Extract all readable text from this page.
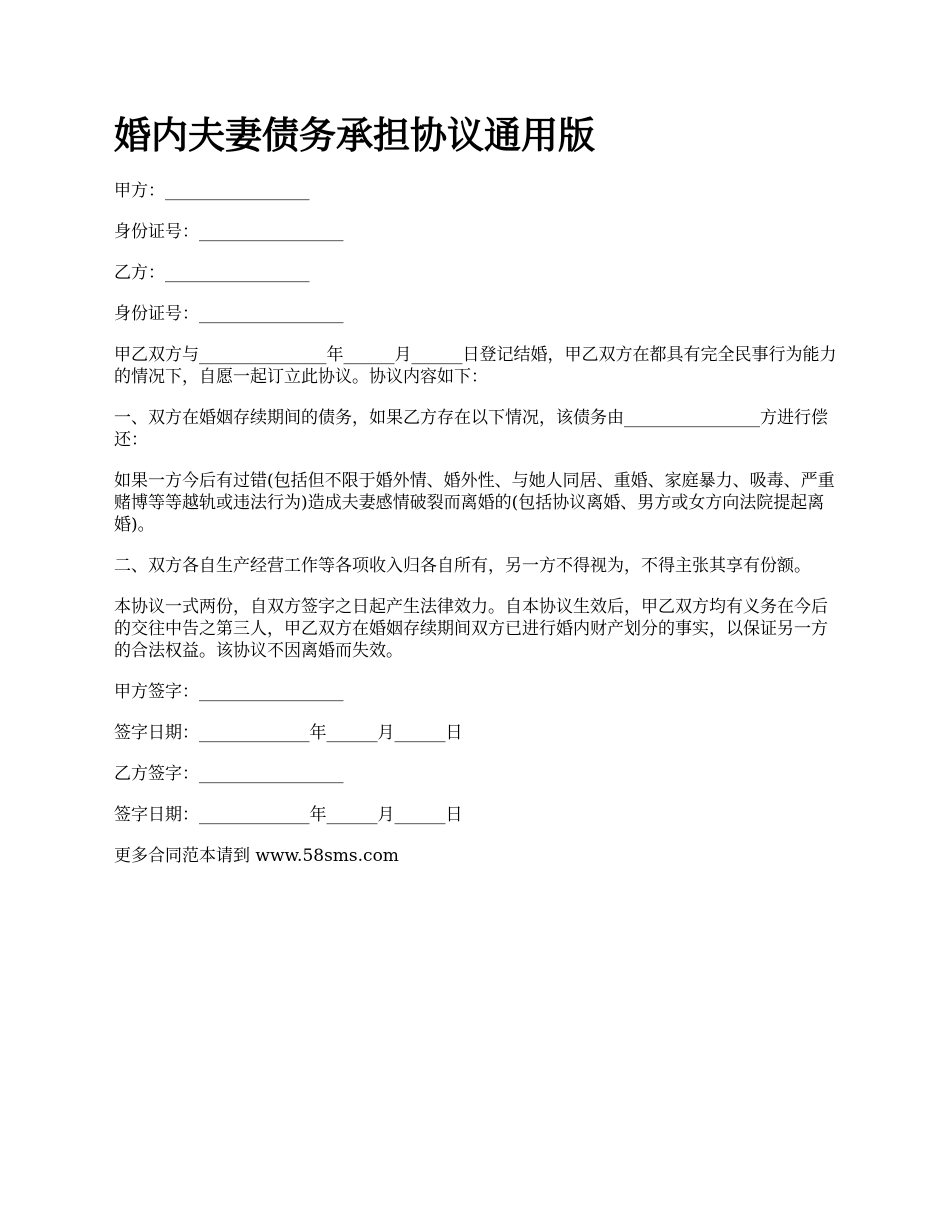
婚内夫妻债务承担协议通用版

甲方：_________________

身份证号：_________________

乙方：_________________

身份证号：_________________

甲乙双方与_______________年______月______日登记结婚，甲乙双方在都具有完全民事行为能力的情况下，自愿一起订立此协议。协议内容如下：

一、双方在婚姻存续期间的债务，如果乙方存在以下情况，该债务由________________方进行偿还：

如果一方今后有过错(包括但不限于婚外情、婚外性、与她人同居、重婚、家庭暴力、吸毒、严重赌博等等越轨或违法行为)造成夫妻感情破裂而离婚的(包括协议离婚、男方或女方向法院提起离婚)。

二、双方各自生产经营工作等各项收入归各自所有，另一方不得视为，不得主张其享有份额。

本协议一式两份，自双方签字之日起产生法律效力。自本协议生效后，甲乙双方均有义务在今后的交往中告之第三人，甲乙双方在婚姻存续期间双方已进行婚内财产划分的事实，以保证另一方的合法权益。该协议不因离婚而失效。

甲方签字：_________________

签字日期：_____________年______月______日

乙方签字：_________________

签字日期：_____________年______月______日

更多合同范本请到 www.58sms.com
